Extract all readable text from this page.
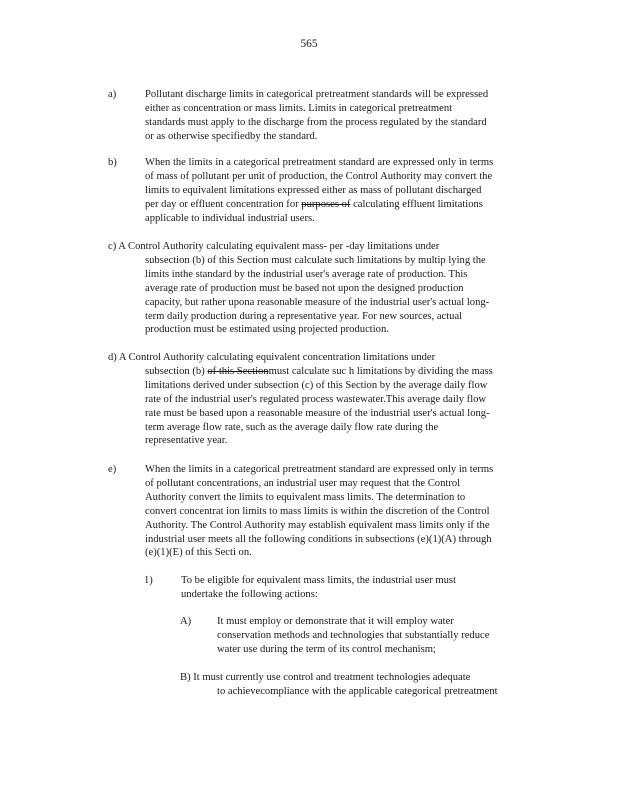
565
a)	Pollutant discharge limits in categorical pretreatment standards will be expressed
either as concentration or mass limits. Limits in categorical pretreatment
standards must apply to the discharge from the process regulated by the standard
or as otherwise specifiedby the standard.
b)	When the limits in a categorical pretreatment standard are expressed only in terms
of mass of pollutant per unit of production, the Control Authority may convert the
limits to equivalent limitations expressed either as mass of pollutant discharged
per day or effluent concentration for purposes of calculating effluent limitations
applicable to individual industrial users.
c) A Control Authority calculating equivalent mass- per -day limitations under
subsection (b) of this Section must calculate such limitations by multip lying the
limits inthe standard by the industrial user's average rate of production. This
average rate of production must be based not upon the designed production
capacity, but rather upona reasonable measure of the industrial user's actual long-
term daily production during a representative year. For new sources, actual
production must be estimated using projected production.
d) A Control Authority calculating equivalent concentration limitations under
subsection (b) of this Sectionmust calculate suc h limitations by dividing the mass
limitations derived under subsection (c) of this Section by the average daily flow
rate of the industrial user's regulated process wastewater.This average daily flow
rate must be based upon a reasonable measure of the industrial user's actual long-
term average flow rate, such as the average daily flow rate during the
representative year.
e)	When the limits in a categorical pretreatment standard are expressed only in terms
of pollutant concentrations, an industrial user may request that the Control
Authority convert the limits to equivalent mass limits. The determination to
convert concentrat ion limits to mass limits is within the discretion of the Control
Authority. The Control Authority may establish equivalent mass limits only if the
industrial user meets all the following conditions in subsections (e)(1)(A) through
(e)(1)(E) of this Secti on.
1)	To be eligible for equivalent mass limits, the industrial user must
undertake the following actions:
A) It must employ or demonstrate that it will employ water
conservation methods and technologies that substantially reduce
water use during the term of its control mechanism;
B) It must currently use control and treatment technologies adequate
to achievecompliance with the applicable categorical pretreatment
